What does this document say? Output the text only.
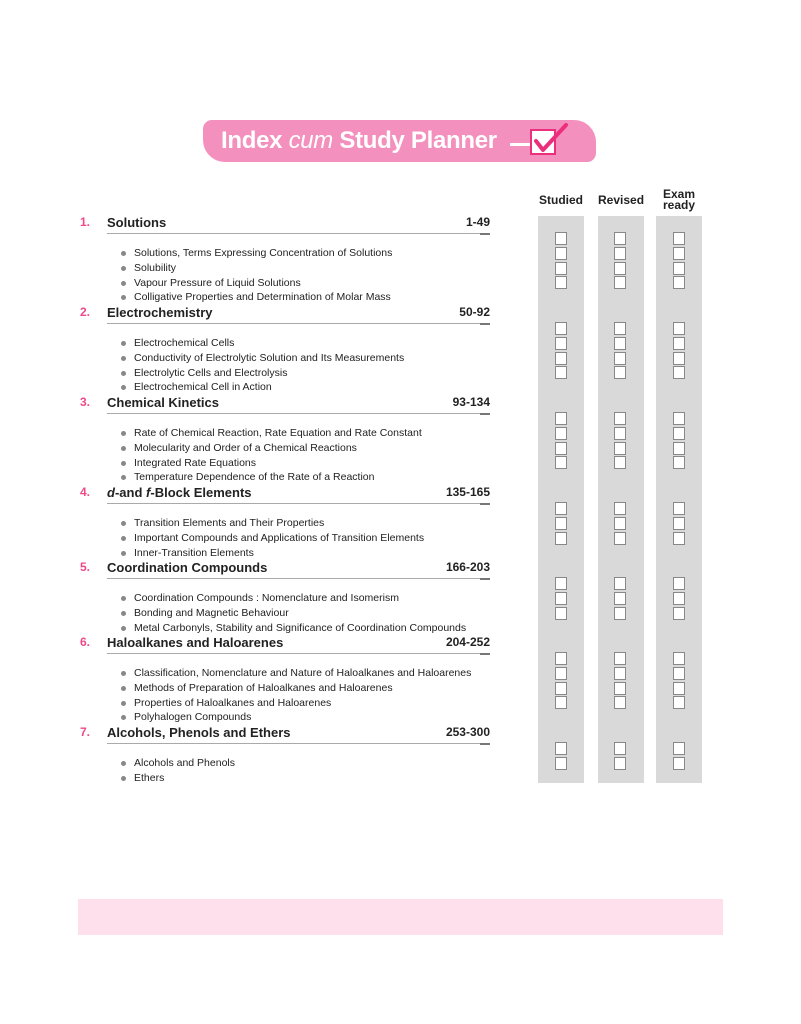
Index cum Study Planner
Studied Revised	Exam
ready
1. Solutions	1-49
Solutions, Terms Expressing Concentration of Solutions
Solubility
Vapour Pressure of Liquid Solutions
Colligative Properties and Determination of Molar Mass
2. Electrochemistry	50-92
Electrochemical Cells
Conductivity of Electrolytic Solution and Its Measurements
Electrolytic Cells and Electrolysis
Electrochemical Cell in Action
3. Chemical Kinetics	93-134
Rate of Chemical Reaction, Rate Equation and Rate Constant
Molecularity and Order of a Chemical Reactions
Integrated Rate Equations
Temperature Dependence of the Rate of a Reaction
4. d-and f-Block Elements	135-165
Transition Elements and Their Properties
Important Compounds and Applications of Transition Elements
Inner-Transition Elements
5. Coordination Compounds	166-203
Coordination Compounds : Nomenclature and Isomerism
Bonding and Magnetic Behaviour
Metal Carbonyls, Stability and Significance of Coordination Compounds
6. Haloalkanes and Haloarenes	204-252
Classification, Nomenclature and Nature of Haloalkanes and Haloarenes
Methods of Preparation of Haloalkanes and Haloarenes
Properties of Haloalkanes and Haloarenes
Polyhalogen Compounds
7. Alcohols, Phenols and Ethers	253-300
Alcohols and Phenols
Ethers
